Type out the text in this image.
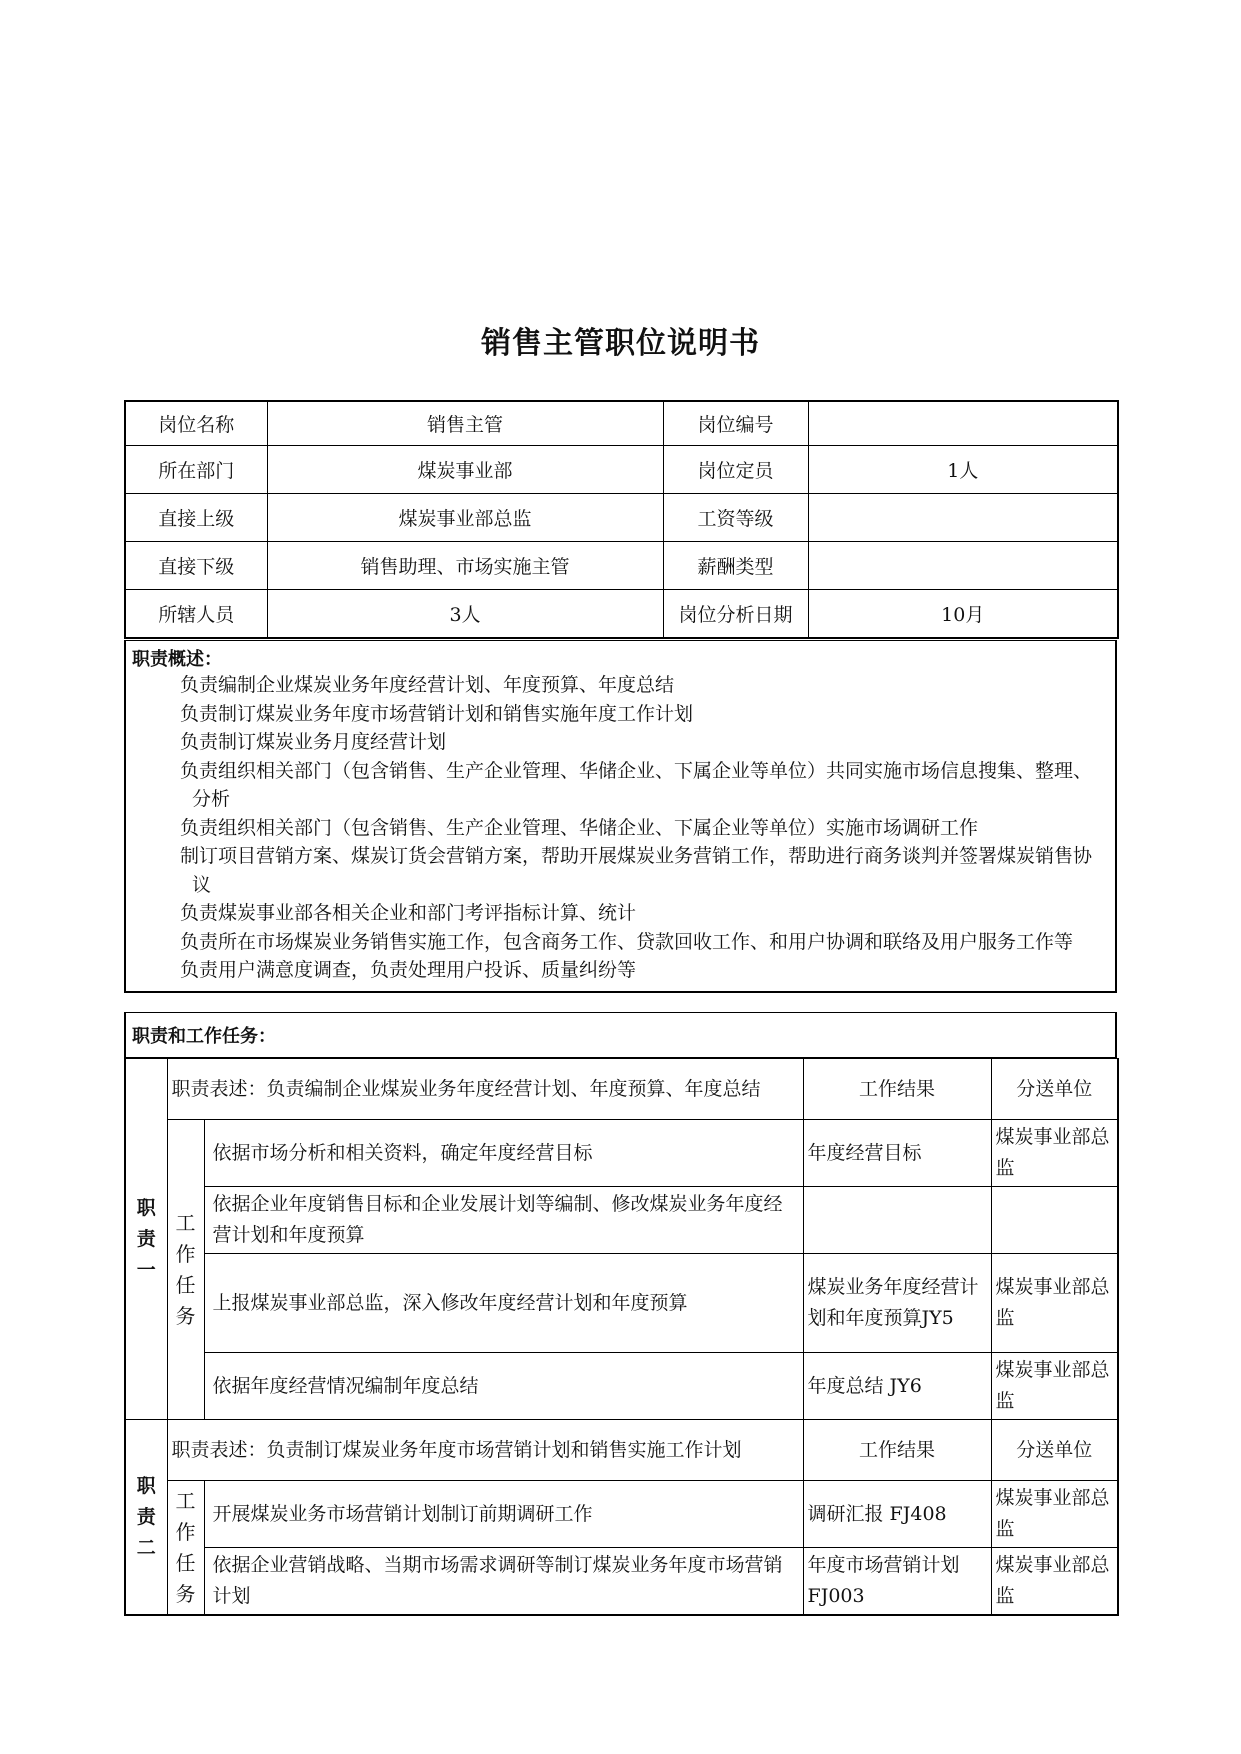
销售主管职位说明书
岗位名称	销售主管	岗位编号	
所在部门	煤炭事业部	岗位定员	1人
直接上级	煤炭事业部总监	工资等级	
直接下级	销售助理、市场实施主管	薪酬类型	
所辖人员	3人	岗位分析日期	10月
职责概述：
负责编制企业煤炭业务年度经营计划、年度预算、年度总结
负责制订煤炭业务年度市场营销计划和销售实施年度工作计划
负责制订煤炭业务月度经营计划
负责组织相关部门（包含销售、生产企业管理、华储企业、下属企业等单位）共同实施市场信息搜集、整理、分析
负责组织相关部门（包含销售、生产企业管理、华储企业、下属企业等单位）实施市场调研工作
制订项目营销方案、煤炭订货会营销方案，帮助开展煤炭业务营销工作，帮助进行商务谈判并签署煤炭销售协议
负责煤炭事业部各相关企业和部门考评指标计算、统计
负责所在市场煤炭业务销售实施工作，包含商务工作、贷款回收工作、和用户协调和联络及用户服务工作等
负责用户满意度调查，负责处理用户投诉、质量纠纷等
职责和工作任务：
职责一	职责表述：负责编制企业煤炭业务年度经营计划、年度预算、年度总结		工作结果	分送单位
	工作任务	依据市场分析和相关资料，确定年度经营目标	年度经营目标	煤炭事业部总监
		依据企业年度销售目标和企业发展计划等编制、修改煤炭业务年度经营计划和年度预算		
		上报煤炭事业部总监，深入修改年度经营计划和年度预算	煤炭业务年度经营计划和年度预算JY5	煤炭事业部总监
		依据年度经营情况编制年度总结	年度总结 JY6	煤炭事业部总监
职责二	职责表述：负责制订煤炭业务年度市场营销计划和销售实施工作计划		工作结果	分送单位
	工作任务	开展煤炭业务市场营销计划制订前期调研工作	调研汇报 FJ408	煤炭事业部总监
		依据企业营销战略、当期市场需求调研等制订煤炭业务年度市场营销计划	年度市场营销计划FJ003	煤炭事业部总监
